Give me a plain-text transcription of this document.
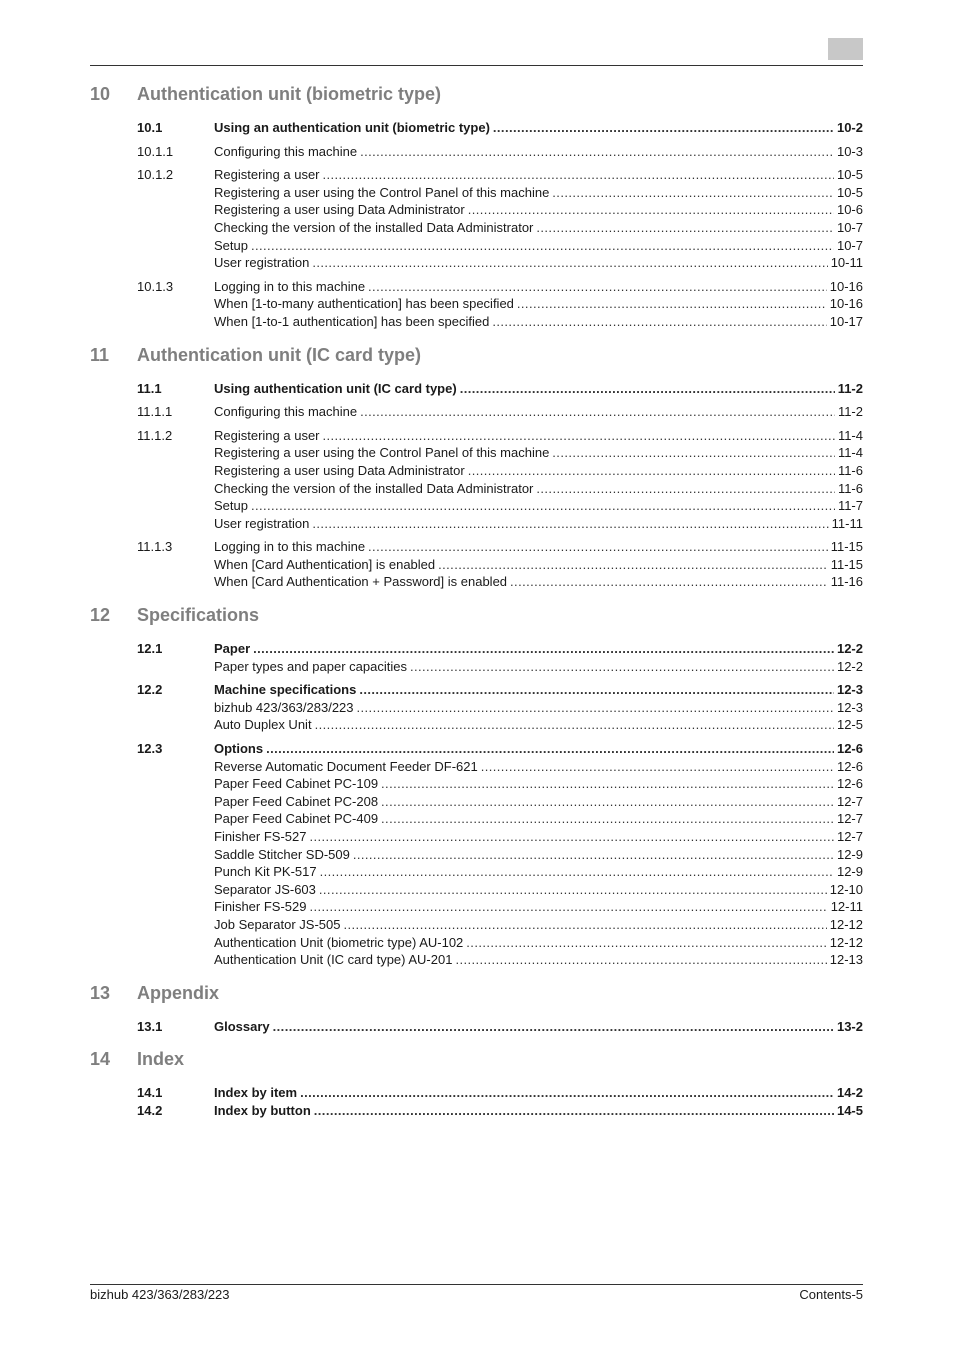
10	Authentication unit (biometric type)
10.1	Using an authentication unit (biometric type) .....	10-2
10.1.1	Configuring this machine .....	10-3
10.1.2	Registering a user .....	10-5
Registering a user using the Control Panel of this machine .....	10-5
Registering a user using Data Administrator .....	10-6
Checking the version of the installed Data Administrator .....	10-7
Setup .....	10-7
User registration .....	10-11
10.1.3	Logging in to this machine .....	10-16
When [1-to-many authentication] has been specified .....	10-16
When [1-to-1 authentication] has been specified .....	10-17
11	Authentication unit (IC card type)
11.1	Using authentication unit (IC card type) .....	11-2
11.1.1	Configuring this machine .....	11-2
11.1.2	Registering a user .....	11-4
Registering a user using the Control Panel of this machine .....	11-4
Registering a user using Data Administrator .....	11-6
Checking the version of the installed Data Administrator .....	11-6
Setup .....	11-7
User registration .....	11-11
11.1.3	Logging in to this machine .....	11-15
When [Card Authentication] is enabled .....	11-15
When [Card Authentication + Password] is enabled .....	11-16
12	Specifications
12.1	Paper .....	12-2
Paper types and paper capacities .....	12-2
12.2	Machine specifications .....	12-3
bizhub 423/363/283/223 .....	12-3
Auto Duplex Unit .....	12-5
12.3	Options .....	12-6
Reverse Automatic Document Feeder DF-621 .....	12-6
Paper Feed Cabinet PC-109 .....	12-6
Paper Feed Cabinet PC-208 .....	12-7
Paper Feed Cabinet PC-409 .....	12-7
Finisher FS-527 .....	12-7
Saddle Stitcher SD-509 .....	12-9
Punch Kit PK-517 .....	12-9
Separator JS-603 .....	12-10
Finisher FS-529 .....	12-11
Job Separator JS-505 .....	12-12
Authentication Unit (biometric type) AU-102 .....	12-12
Authentication Unit (IC card type) AU-201 .....	12-13
13	Appendix
13.1	Glossary .....	13-2
14	Index
14.1	Index by item .....	14-2
14.2	Index by button .....	14-5
bizhub 423/363/283/223	Contents-5
